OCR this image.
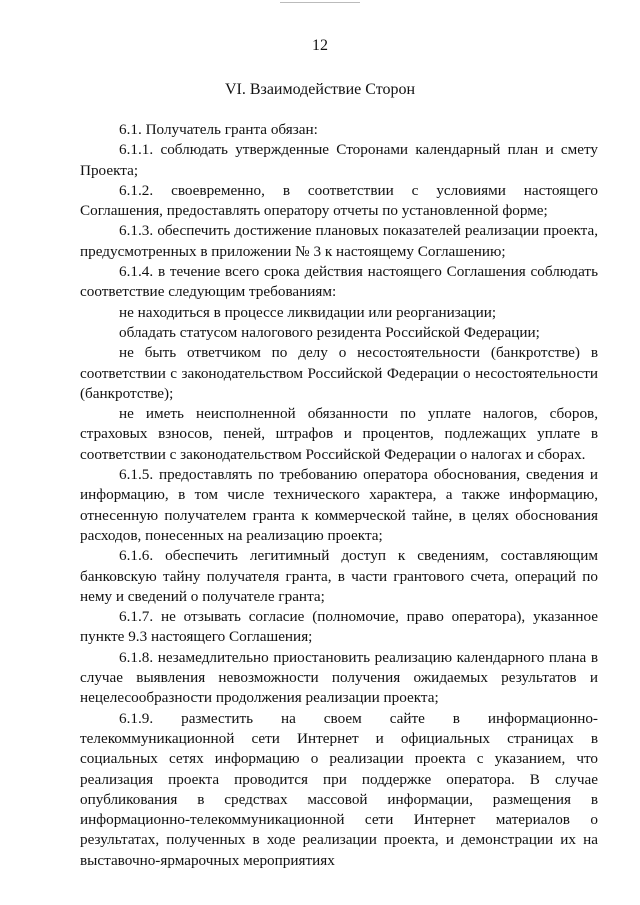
12
VI. Взаимодействие Сторон

6.1. Получатель гранта обязан:

6.1.1. соблюдать утвержденные Сторонами календарный план и смету Проекта;

6.1.2. своевременно, в соответствии с условиями настоящего Соглашения, предоставлять оператору отчеты по установленной форме;

6.1.3. обеспечить достижение плановых показателей реализации проекта, предусмотренных в приложении № 3 к настоящему Соглашению;

6.1.4. в течение всего срока действия настоящего Соглашения соблюдать соответствие следующим требованиям:

не находиться в процессе ликвидации или реорганизации;

обладать статусом налогового резидента Российской Федерации;

не быть ответчиком по делу о несостоятельности (банкротстве) в соответствии с законодательством Российской Федерации о несостоятельности (банкротстве);

не иметь неисполненной обязанности по уплате налогов, сборов, страховых взносов, пеней, штрафов и процентов, подлежащих уплате в соответствии с законодательством Российской Федерации о налогах и сборах.

6.1.5. предоставлять по требованию оператора обоснования, сведения и информацию, в том числе технического характера, а также информацию, отнесенную получателем гранта к коммерческой тайне, в целях обоснования расходов, понесенных на реализацию проекта;

6.1.6. обеспечить легитимный доступ к сведениям, составляющим банковскую тайну получателя гранта, в части грантового счета, операций по нему и сведений о получателе гранта;

6.1.7. не отзывать согласие (полномочие, право оператора), указанное пункте 9.3 настоящего Соглашения;

6.1.8. незамедлительно приостановить реализацию календарного плана в случае выявления невозможности получения ожидаемых результатов и нецелесообразности продолжения реализации проекта;

6.1.9. разместить на своем сайте в информационно-телекоммуникационной сети Интернет и официальных страницах в социальных сетях информацию о реализации проекта с указанием, что реализация проекта проводится при поддержке оператора. В случае опубликования в средствах массовой информации, размещения в информационно-телекоммуникационной сети Интернет материалов о результатах, полученных в ходе реализации проекта, и демонстрации их на выставочно-ярмарочных мероприятиях
